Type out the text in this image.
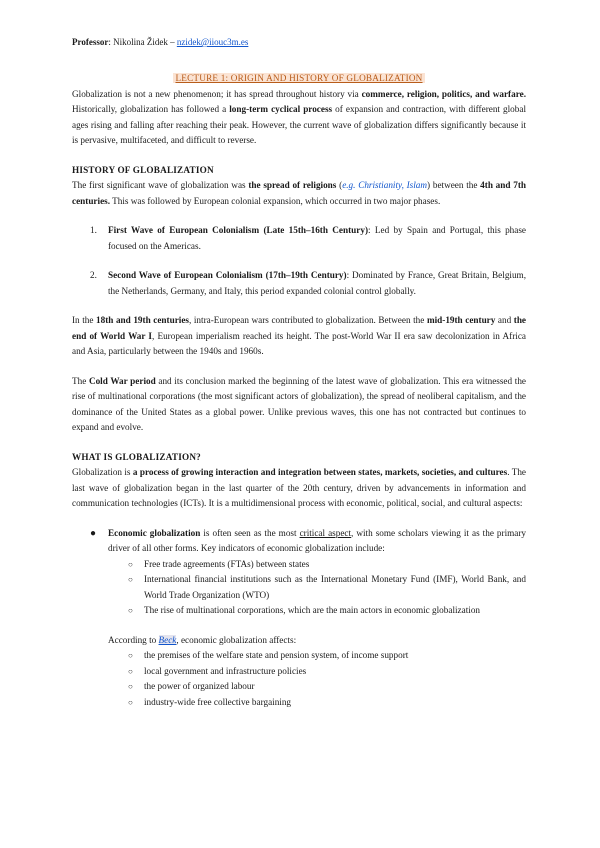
Professor: Nikolina Židek – nzidek@iiouc3m.es

LECTURE 1: ORIGIN AND HISTORY OF GLOBALIZATION

Globalization is not a new phenomenon; it has spread throughout history via commerce, religion, politics, and warfare. Historically, globalization has followed a long-term cyclical process of expansion and contraction, with different global ages rising and falling after reaching their peak. However, the current wave of globalization differs significantly because it is pervasive, multifaceted, and difficult to reverse.

HISTORY OF GLOBALIZATION

The first significant wave of globalization was the spread of religions (e.g. Christianity, Islam) between the 4th and 7th centuries. This was followed by European colonial expansion, which occurred in two major phases.

1. First Wave of European Colonialism (Late 15th–16th Century): Led by Spain and Portugal, this phase focused on the Americas.
2. Second Wave of European Colonialism (17th–19th Century): Dominated by France, Great Britain, Belgium, the Netherlands, Germany, and Italy, this period expanded colonial control globally.

In the 18th and 19th centuries, intra-European wars contributed to globalization. Between the mid-19th century and the end of World War I, European imperialism reached its height. The post-World War II era saw decolonization in Africa and Asia, particularly between the 1940s and 1960s.

The Cold War period and its conclusion marked the beginning of the latest wave of globalization. This era witnessed the rise of multinational corporations (the most significant actors of globalization), the spread of neoliberal capitalism, and the dominance of the United States as a global power. Unlike previous waves, this one has not contracted but continues to expand and evolve.

WHAT IS GLOBALIZATION?

Globalization is a process of growing interaction and integration between states, markets, societies, and cultures. The last wave of globalization began in the last quarter of the 20th century, driven by advancements in information and communication technologies (ICTs). It is a multidimensional process with economic, political, social, and cultural aspects:

● Economic globalization is often seen as the most critical aspect, with some scholars viewing it as the primary driver of all other forms. Key indicators of economic globalization include:
○ Free trade agreements (FTAs) between states
○ International financial institutions such as the International Monetary Fund (IMF), World Bank, and World Trade Organization (WTO)
○ The rise of multinational corporations, which are the main actors in economic globalization

According to Beck, economic globalization affects:

○ the premises of the welfare state and pension system, of income support
○ local government and infrastructure policies
○ the power of organized labour
○ industry-wide free collective bargaining
